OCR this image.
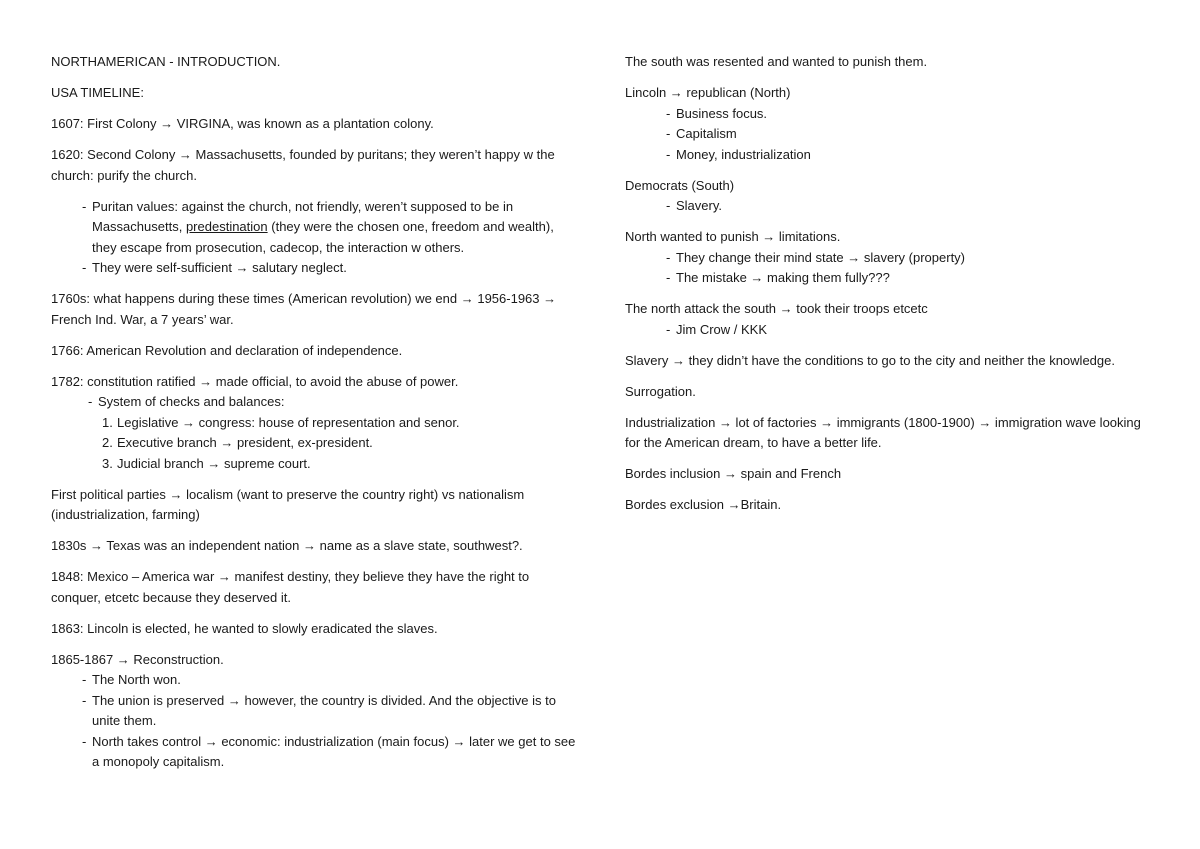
NORTHAMERICAN - INTRODUCTION.

USA TIMELINE:

1607: First Colony → VIRGINA, was known as a plantation colony.

1620: Second Colony → Massachusetts, founded by puritans; they weren’t happy w the church: purify the church.

- Puritan values: against the church, not friendly, weren’t supposed to be in Massachusetts, predestination (they were the chosen one, freedom and wealth), they escape from prosecution, cadecop, the interaction w others.
- They were self-sufficient → salutary neglect.

1760s: what happens during these times (American revolution) we end → 1956-1963 → French Ind. War, a 7 years’ war.

1766: American Revolution and declaration of independence.

1782: constitution ratified → made official, to avoid the abuse of power.

- System of checks and balances:
1. Legislative → congress: house of representation and senor.
2. Executive branch → president, ex-president.
3. Judicial branch → supreme court.

First political parties → localism (want to preserve the country right) vs nationalism (industrialization, farming)

1830s → Texas was an independent nation → name as a slave state, southwest?.

1848: Mexico – America war → manifest destiny, they believe they have the right to conquer, etcetc because they deserved it.

1863: Lincoln is elected, he wanted to slowly eradicated the slaves.

1865-1867 → Reconstruction.

- The North won.
- The union is preserved → however, the country is divided. And the objective is to unite them.
- North takes control → economic: industrialization (main focus) → later we get to see a monopoly capitalism.

The south was resented and wanted to punish them.

Lincoln → republican (North)
- Business focus.
- Capitalism
- Money, industrialization
Democrats (South)
- Slavery.
North wanted to punish → limitations.
- They change their mind state → slavery (property)
- The mistake → making them fully???
The north attack the south → took their troops etcetc
- Jim Crow / KKK

Slavery → they didn’t have the conditions to go to the city and neither the knowledge.

Surrogation.

Industrialization → lot of factories → immigrants (1800-1900) → immigration wave looking for the American dream, to have a better life.

Bordes inclusion → spain and French

Bordes exclusion →Britain.
